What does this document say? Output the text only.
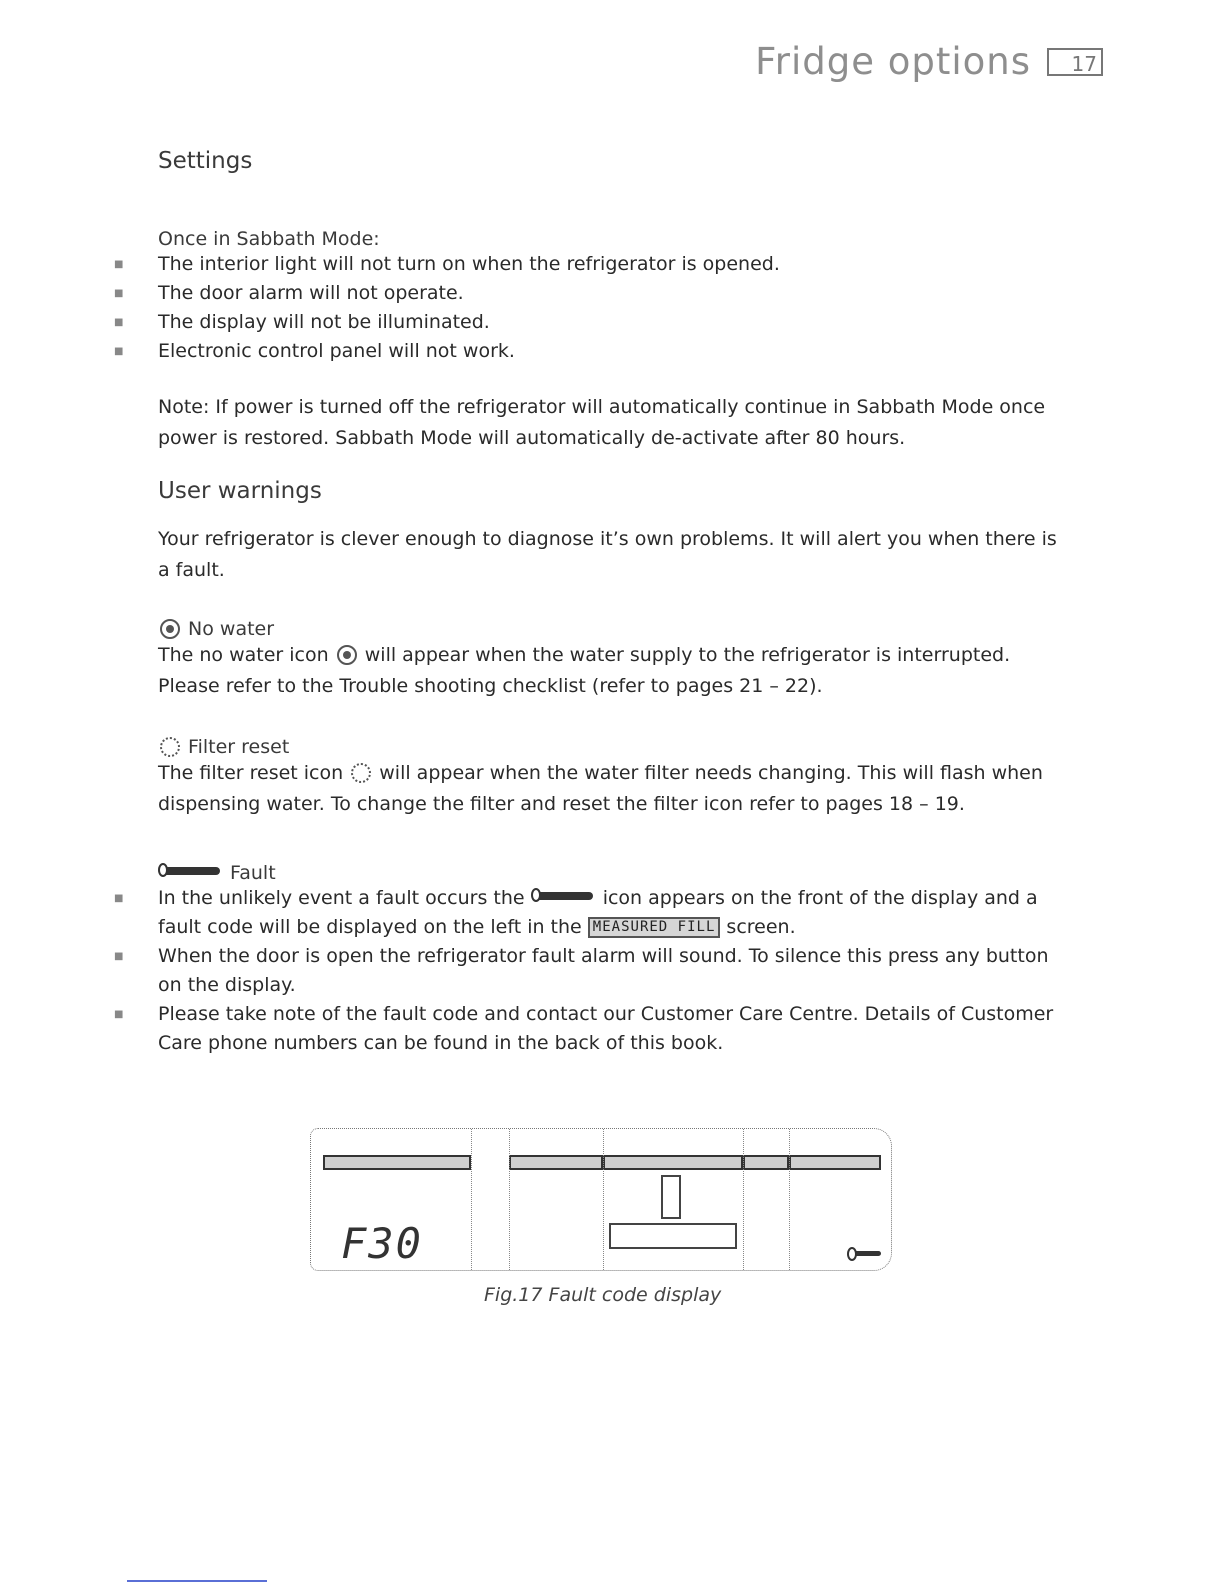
Fridge options	17
Settings
Once in Sabbath Mode:
■ The interior light will not turn on when the refrigerator is opened.
■ The door alarm will not operate.
■ The display will not be illuminated.
■ Electronic control panel will not work.

Note: If power is turned off the refrigerator will automatically continue in Sabbath Mode once

power is restored. Sabbath Mode will automatically de-activate after 80 hours.

User warnings

Your refrigerator is clever enough to diagnose it’s own problems. It will alert you when there is

a fault.

No water

The no water icon will appear when the water supply to the refrigerator is interrupted.

Please refer to the Trouble shooting checklist (refer to pages 21 – 22).

Filter reset

The filter reset icon will appear when the water filter needs changing. This will flash when

dispensing water. To change the filter and reset the filter icon refer to pages 18 – 19.

Fault
■ In the unlikely event a fault occurs the	icon appears on the front of the display and a
fault code will be displayed on the left in the MEASURED FILL screen.
■ When the door is open the refrigerator fault alarm will sound. To silence this press any button
on the display.
■ Please take note of the fault code and contact our Customer Care Centre. Details of Customer
Care phone numbers can be found in the back of this book.
F30
Fig.17 Fault code display
